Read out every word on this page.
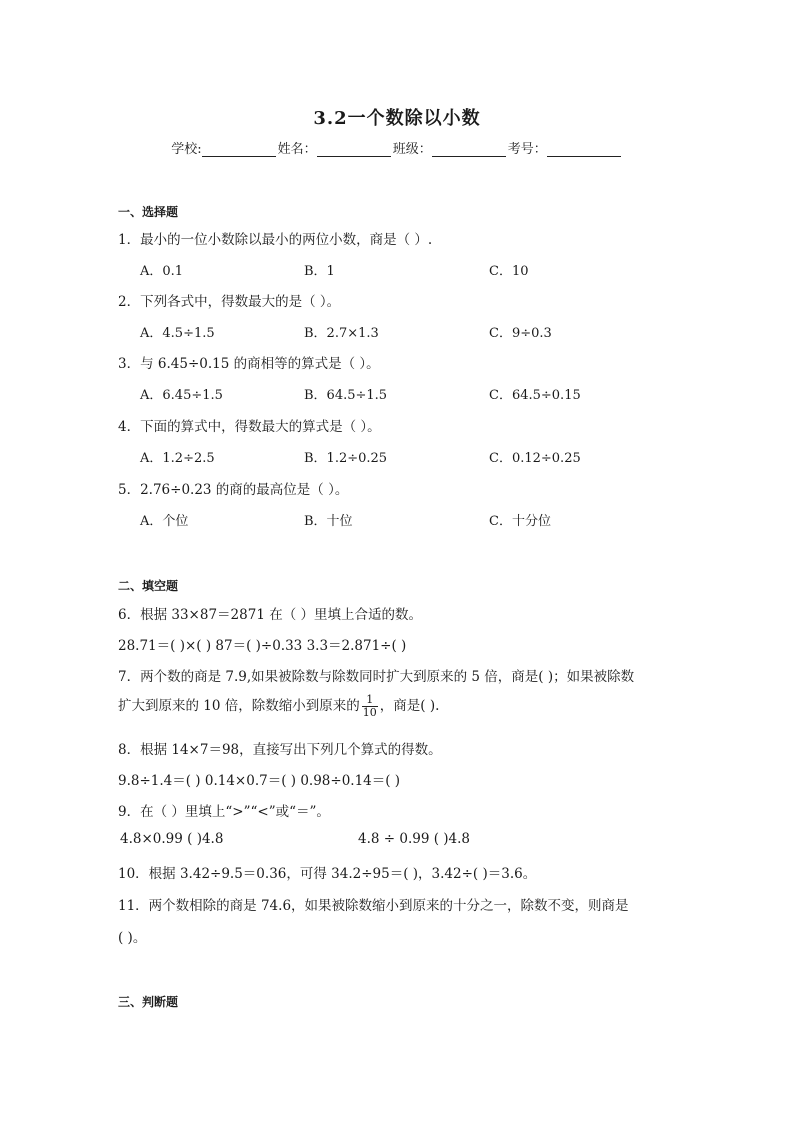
3.2一个数除以小数
学校:	姓名：	班级：	考号：
一、选择题
1．最小的一位小数除以最小的两位小数，商是（ ）.
A．0.1	B．1	C．10
2．下列各式中，得数最大的是（ ）。
A．4.5÷1.5	B．2.7×1.3	C．9÷0.3
3．与 6.45÷0.15 的商相等的算式是（ ）。
A．6.45÷1.5	B．64.5÷1.5	C．64.5÷0.15
4．下面的算式中，得数最大的算式是（ ）。
A．1.2÷2.5	B．1.2÷0.25	C．0.12÷0.25
5．2.76÷0.23 的商的最高位是（ ）。
A．个位	B．十位	C．十分位
二、填空题
6．根据 33×87＝2871 在（ ）里填上合适的数。
28.71＝( )×( ) 87＝( )÷0.33 3.3＝2.871÷( )
7．两个数的商是 7.9,如果被除数与除数同时扩大到原来的 5 倍，商是( )；如果被除数
扩大到原来的 10 倍，除数缩小到原来的 $\frac{1}{10}$ ，商是( ).
8．根据 14×7＝98，直接写出下列几个算式的得数。
9.8÷1.4＝( ) 0.14×0.7＝( ) 0.98÷0.14＝( )
9．在（ ）里填上“>”“<”或“＝”。
4.8×0.99 ( )4.8	4.8 ÷ 0.99 ( )4.8
10．根据 3.42÷9.5＝0.36，可得 34.2÷95＝( )，3.42÷( )＝3.6。
11．两个数相除的商是 74.6，如果被除数缩小到原来的十分之一，除数不变，则商是
( )。
三、判断题
